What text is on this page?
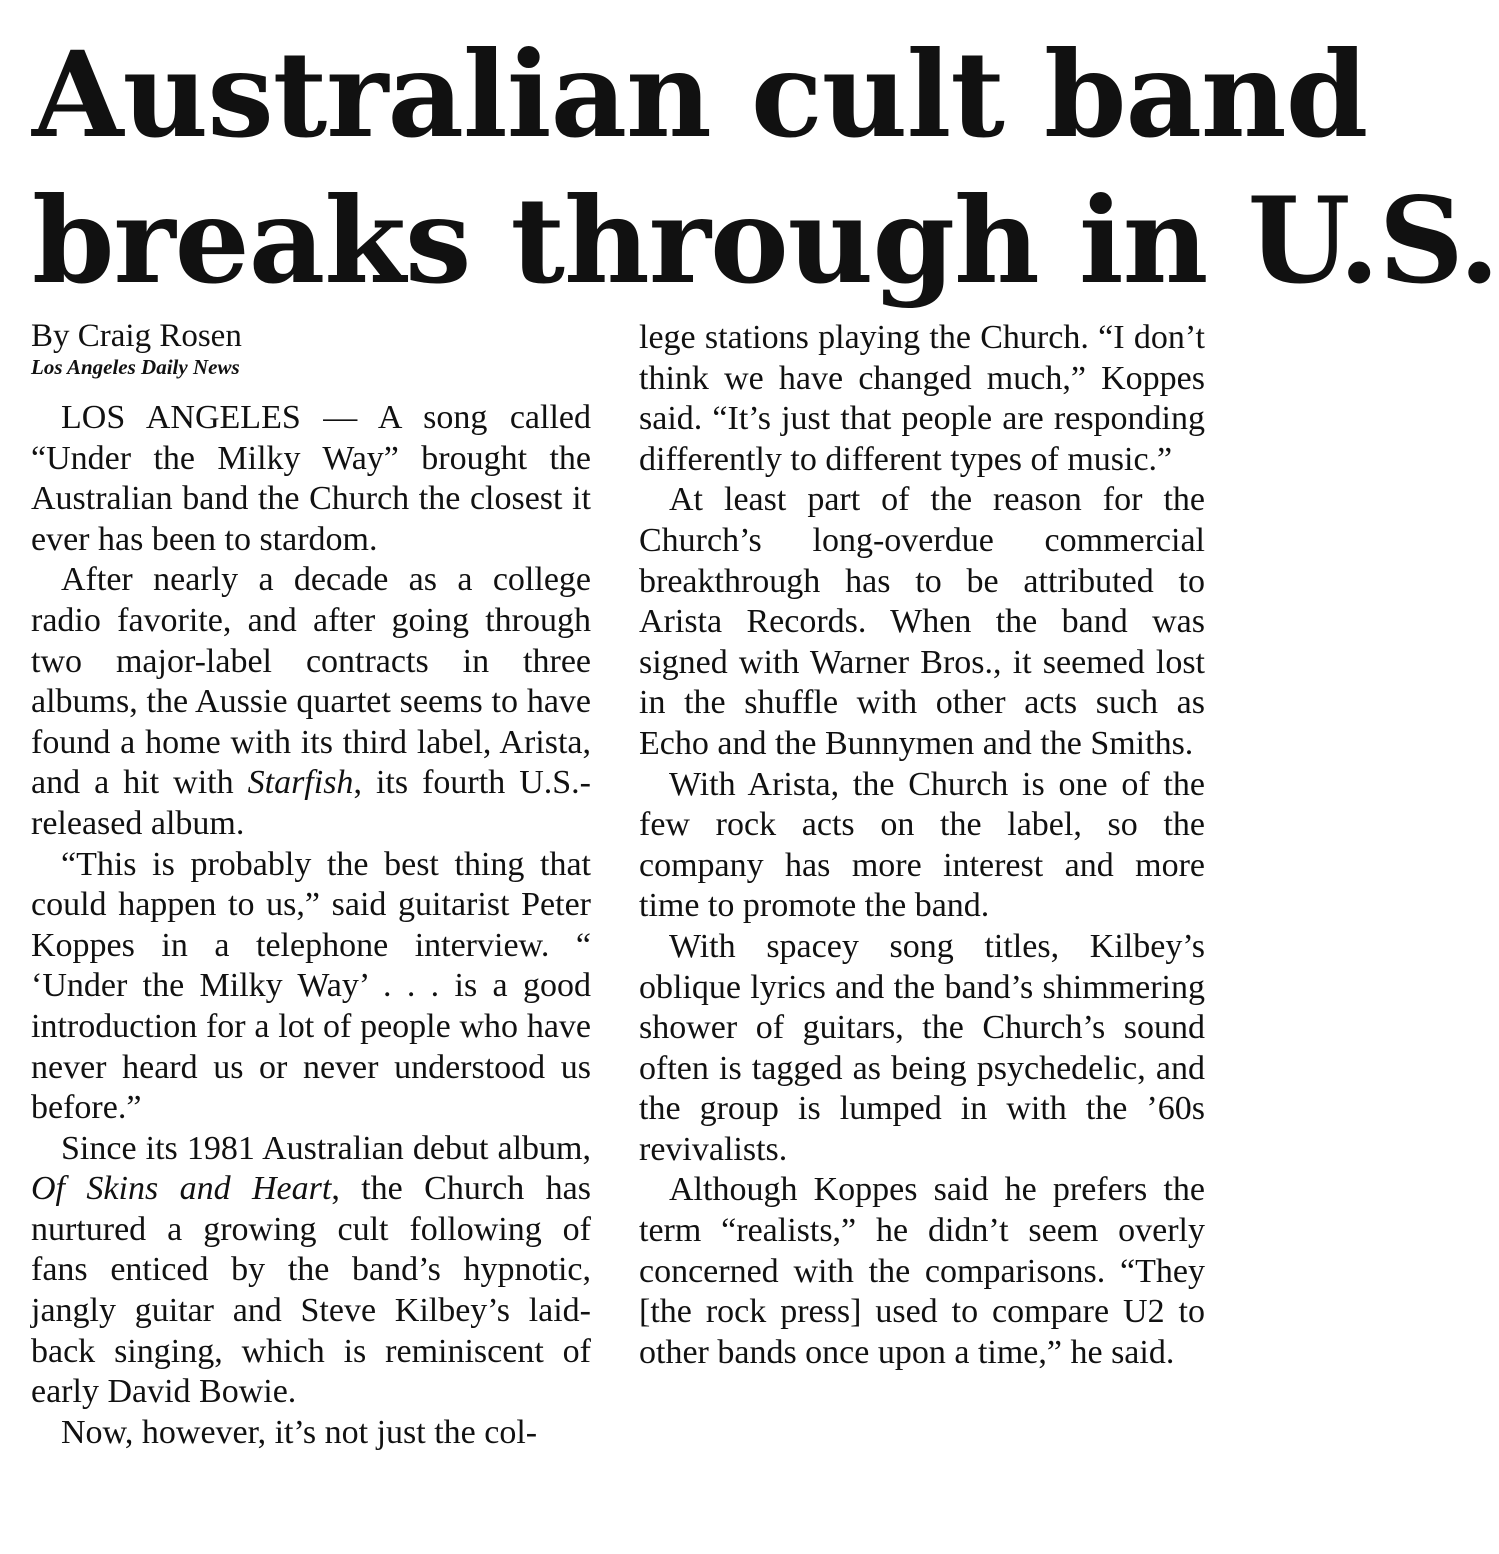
Australian cult band
breaks through in U.S.

By Craig Rosen

Los Angeles Daily News

LOS ANGELES — A song called “Under the Milky Way” brought the Australian band the Church the closest it ever has been to stardom.

After nearly a decade as a college radio favorite, and after going through two major-label contracts in three albums, the Aussie quartet seems to have found a home with its third label, Arista, and a hit with Starfish, its fourth U.S.-released album.

“This is probably the best thing that could happen to us,” said guitarist Peter Koppes in a telephone interview. “ ‘Under the Milky Way’ . . . is a good introduction for a lot of people who have never heard us or never understood us before.”

Since its 1981 Australian debut album, Of Skins and Heart, the Church has nurtured a growing cult following of fans enticed by the band’s hypnotic, jangly guitar and Steve Kilbey’s laid-back singing, which is reminiscent of early David Bowie.

Now, however, it’s not just the col-

lege stations playing the Church. “I don’t think we have changed much,” Koppes said. “It’s just that people are responding differently to different types of music.”

At least part of the reason for the Church’s long-overdue commercial breakthrough has to be attributed to Arista Records. When the band was signed with Warner Bros., it seemed lost in the shuffle with other acts such as Echo and the Bunnymen and the Smiths.

With Arista, the Church is one of the few rock acts on the label, so the company has more interest and more time to promote the band.

With spacey song titles, Kilbey’s oblique lyrics and the band’s shimmering shower of guitars, the Church’s sound often is tagged as being psychedelic, and the group is lumped in with the ’60s revivalists.

Although Koppes said he prefers the term “realists,” he didn’t seem overly concerned with the comparisons. “They [the rock press] used to compare U2 to other bands once upon a time,” he said.
